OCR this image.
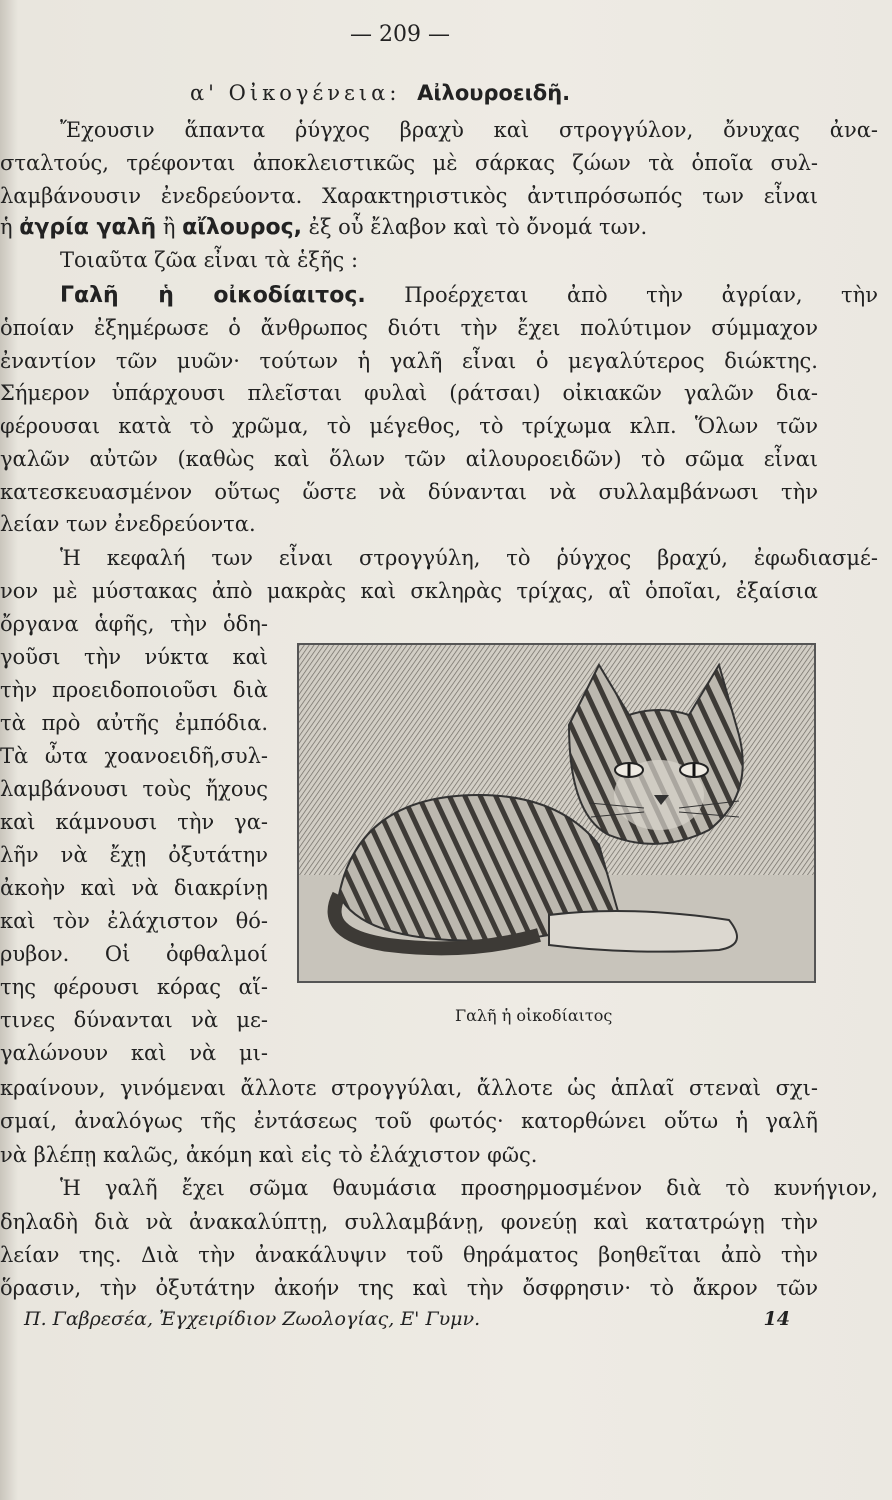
— 209 —
α' Οἰκογένεια: Αἰλουροειδῆ.
Ἔχουσιν ἅπαντα ῥύγχος βραχὺ καὶ στρογγύλον, ὄνυχας ἀνα-
σταλτούς, τρέφονται ἀποκλειστικῶς μὲ σάρκας ζώων τὰ ὁποῖα συλ-
λαμβάνουσιν ἐνεδρεύοντα. Χαρακτηριστικὸς ἀντιπρόσωπός των εἶναι
ἡ ἀγρία γαλῆ ἢ αἴλουρος, ἐξ οὗ ἔλαβον καὶ τὸ ὄνομά των.
Τοιαῦτα ζῶα εἶναι τὰ ἑξῆς :
Γαλῆ ἡ οἰκοδίαιτος. Προέρχεται ἀπὸ τὴν ἀγρίαν, τὴν
ὁποίαν ἐξημέρωσε ὁ ἄνθρωπος διότι τὴν ἔχει πολύτιμον σύμμαχον
ἐναντίον τῶν μυῶν· τούτων ἡ γαλῆ εἶναι ὁ μεγαλύτερος διώκτης.
Σήμερον ὑπάρχουσι πλεῖσται φυλαὶ (ράτσαι) οἰκιακῶν γαλῶν δια-
φέρουσαι κατὰ τὸ χρῶμα, τὸ μέγεθος, τὸ τρίχωμα κλπ. Ὅλων τῶν
γαλῶν αὐτῶν (καθὼς καὶ ὅλων τῶν αἰλουροειδῶν) τὸ σῶμα εἶναι
κατεσκευασμένον οὕτως ὥστε νὰ δύνανται νὰ συλλαμβάνωσι τὴν
λείαν των ἐνεδρεύοντα.
Ἡ κεφαλή των εἶναι στρογγύλη, τὸ ῥύγχος βραχύ, ἐφωδιασμέ-
νον μὲ μύστακας ἀπὸ μακρὰς καὶ σκληρὰς τρίχας, αἳ ὁποῖαι, ἐξαίσια
ὄργανα ἁφῆς, τὴν ὁδη-
γοῦσι τὴν νύκτα καὶ
τὴν προειδοποιοῦσι διὰ
τὰ πρὸ αὐτῆς ἐμπόδια.
Τὰ ὦτα χοανοειδῆ,συλ-
λαμβάνουσι τοὺς ἤχους
καὶ κάμνουσι τὴν γα-
λῆν νὰ ἔχῃ ὀξυτάτην
ἀκοὴν καὶ νὰ διακρίνῃ
καὶ τὸν ἐλάχιστον θό-
ρυβον. Οἱ ὀφθαλμοί
της φέρουσι κόρας αἵ-
τινες δύνανται νὰ με-
γαλώνουν καὶ νὰ μι-
Γαλῆ ἡ οἰκοδίαιτος
κραίνουν, γινόμεναι ἄλλοτε στρογγύλαι, ἄλλοτε ὡς ἁπλαῖ στεναὶ σχι-
σμαί, ἀναλόγως τῆς ἐντάσεως τοῦ φωτός· κατορθώνει οὕτω ἡ γαλῆ
νὰ βλέπῃ καλῶς, ἀκόμη καὶ εἰς τὸ ἐλάχιστον φῶς.
Ἡ γαλῆ ἔχει σῶμα θαυμάσια προσηρμοσμένον διὰ τὸ κυνήγιον,
δηλαδὴ διὰ νὰ ἀνακαλύπτῃ, συλλαμβάνῃ, φονεύῃ καὶ κατατρώγῃ τὴν
λείαν της. Διὰ τὴν ἀνακάλυψιν τοῦ θηράματος βοηθεῖται ἀπὸ τὴν
ὅρασιν, τὴν ὀξυτάτην ἀκοήν της καὶ τὴν ὄσφρησιν· τὸ ἄκρον τῶν
Π. Γαβρεσέα, Ἐγχειρίδιον Ζωολογίας, Ε' Γυμν.	14
